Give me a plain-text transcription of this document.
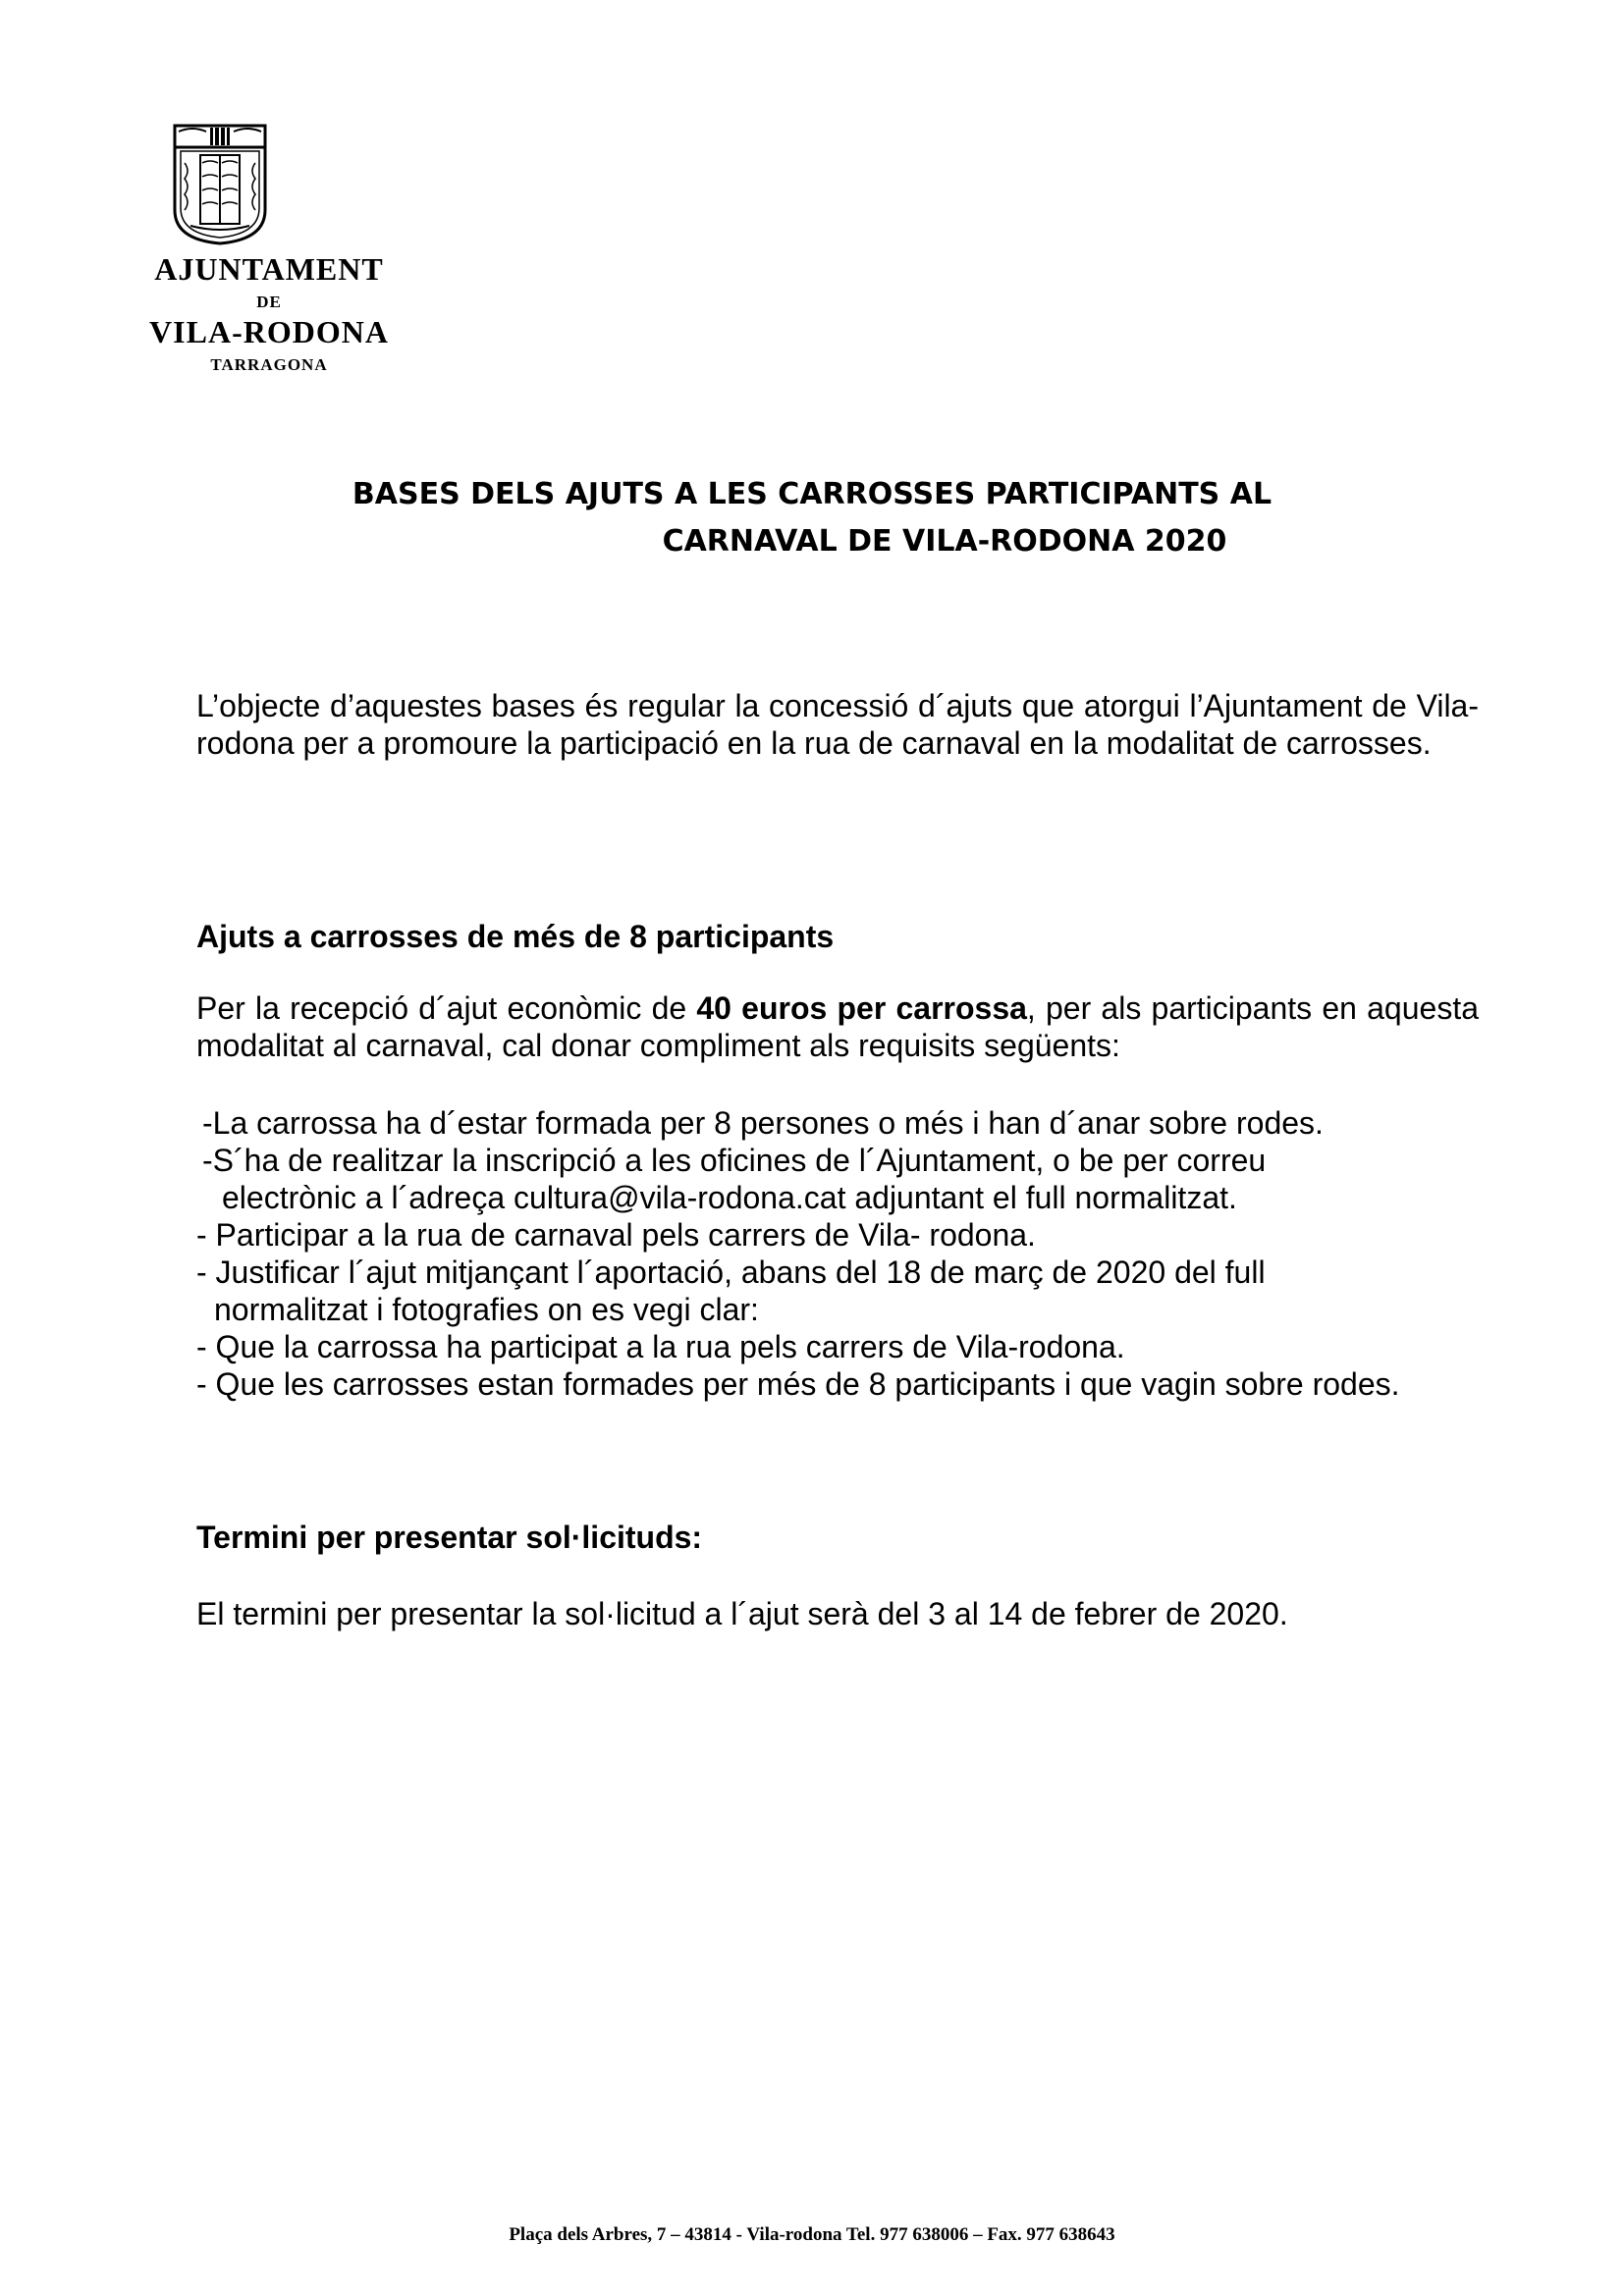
AJUNTAMENT
DE
VILA-RODONA
TARRAGONA
BASES DELS AJUTS A LES CARROSSES PARTICIPANTS AL
CARNAVAL DE VILA-RODONA 2020
L’objecte d’aquestes bases és regular la concessió d´ajuts que atorgui l’Ajuntament de Vila-rodona per a promoure la participació en la rua de carnaval en la modalitat de carrosses.
Ajuts a carrosses de més de 8 participants
Per la recepció d´ajut econòmic de 40 euros per carrossa, per als participants en aquesta modalitat al carnaval, cal donar compliment als requisits següents:
-La carrossa ha d´estar formada per 8 persones o més i han d´anar sobre rodes.
-S´ha de realitzar la inscripció a les oficines de l´Ajuntament, o be per correu
electrònic a l´adreça cultura@vila-rodona.cat adjuntant el full normalitzat.
- Participar a la rua de carnaval pels carrers de Vila- rodona.
- Justificar l´ajut mitjançant l´aportació, abans del 18 de març de 2020 del full
normalitzat i fotografies on es vegi clar:
- Que la carrossa ha participat a la rua pels carrers de Vila-rodona.
- Que les carrosses estan formades per més de 8 participants i que vagin sobre rodes.
Termini per presentar sol·licituds:
El termini per presentar la sol·licitud a l´ajut serà del 3 al 14 de febrer de 2020.
Plaça dels Arbres, 7 – 43814 - Vila-rodona Tel. 977 638006 – Fax. 977 638643
